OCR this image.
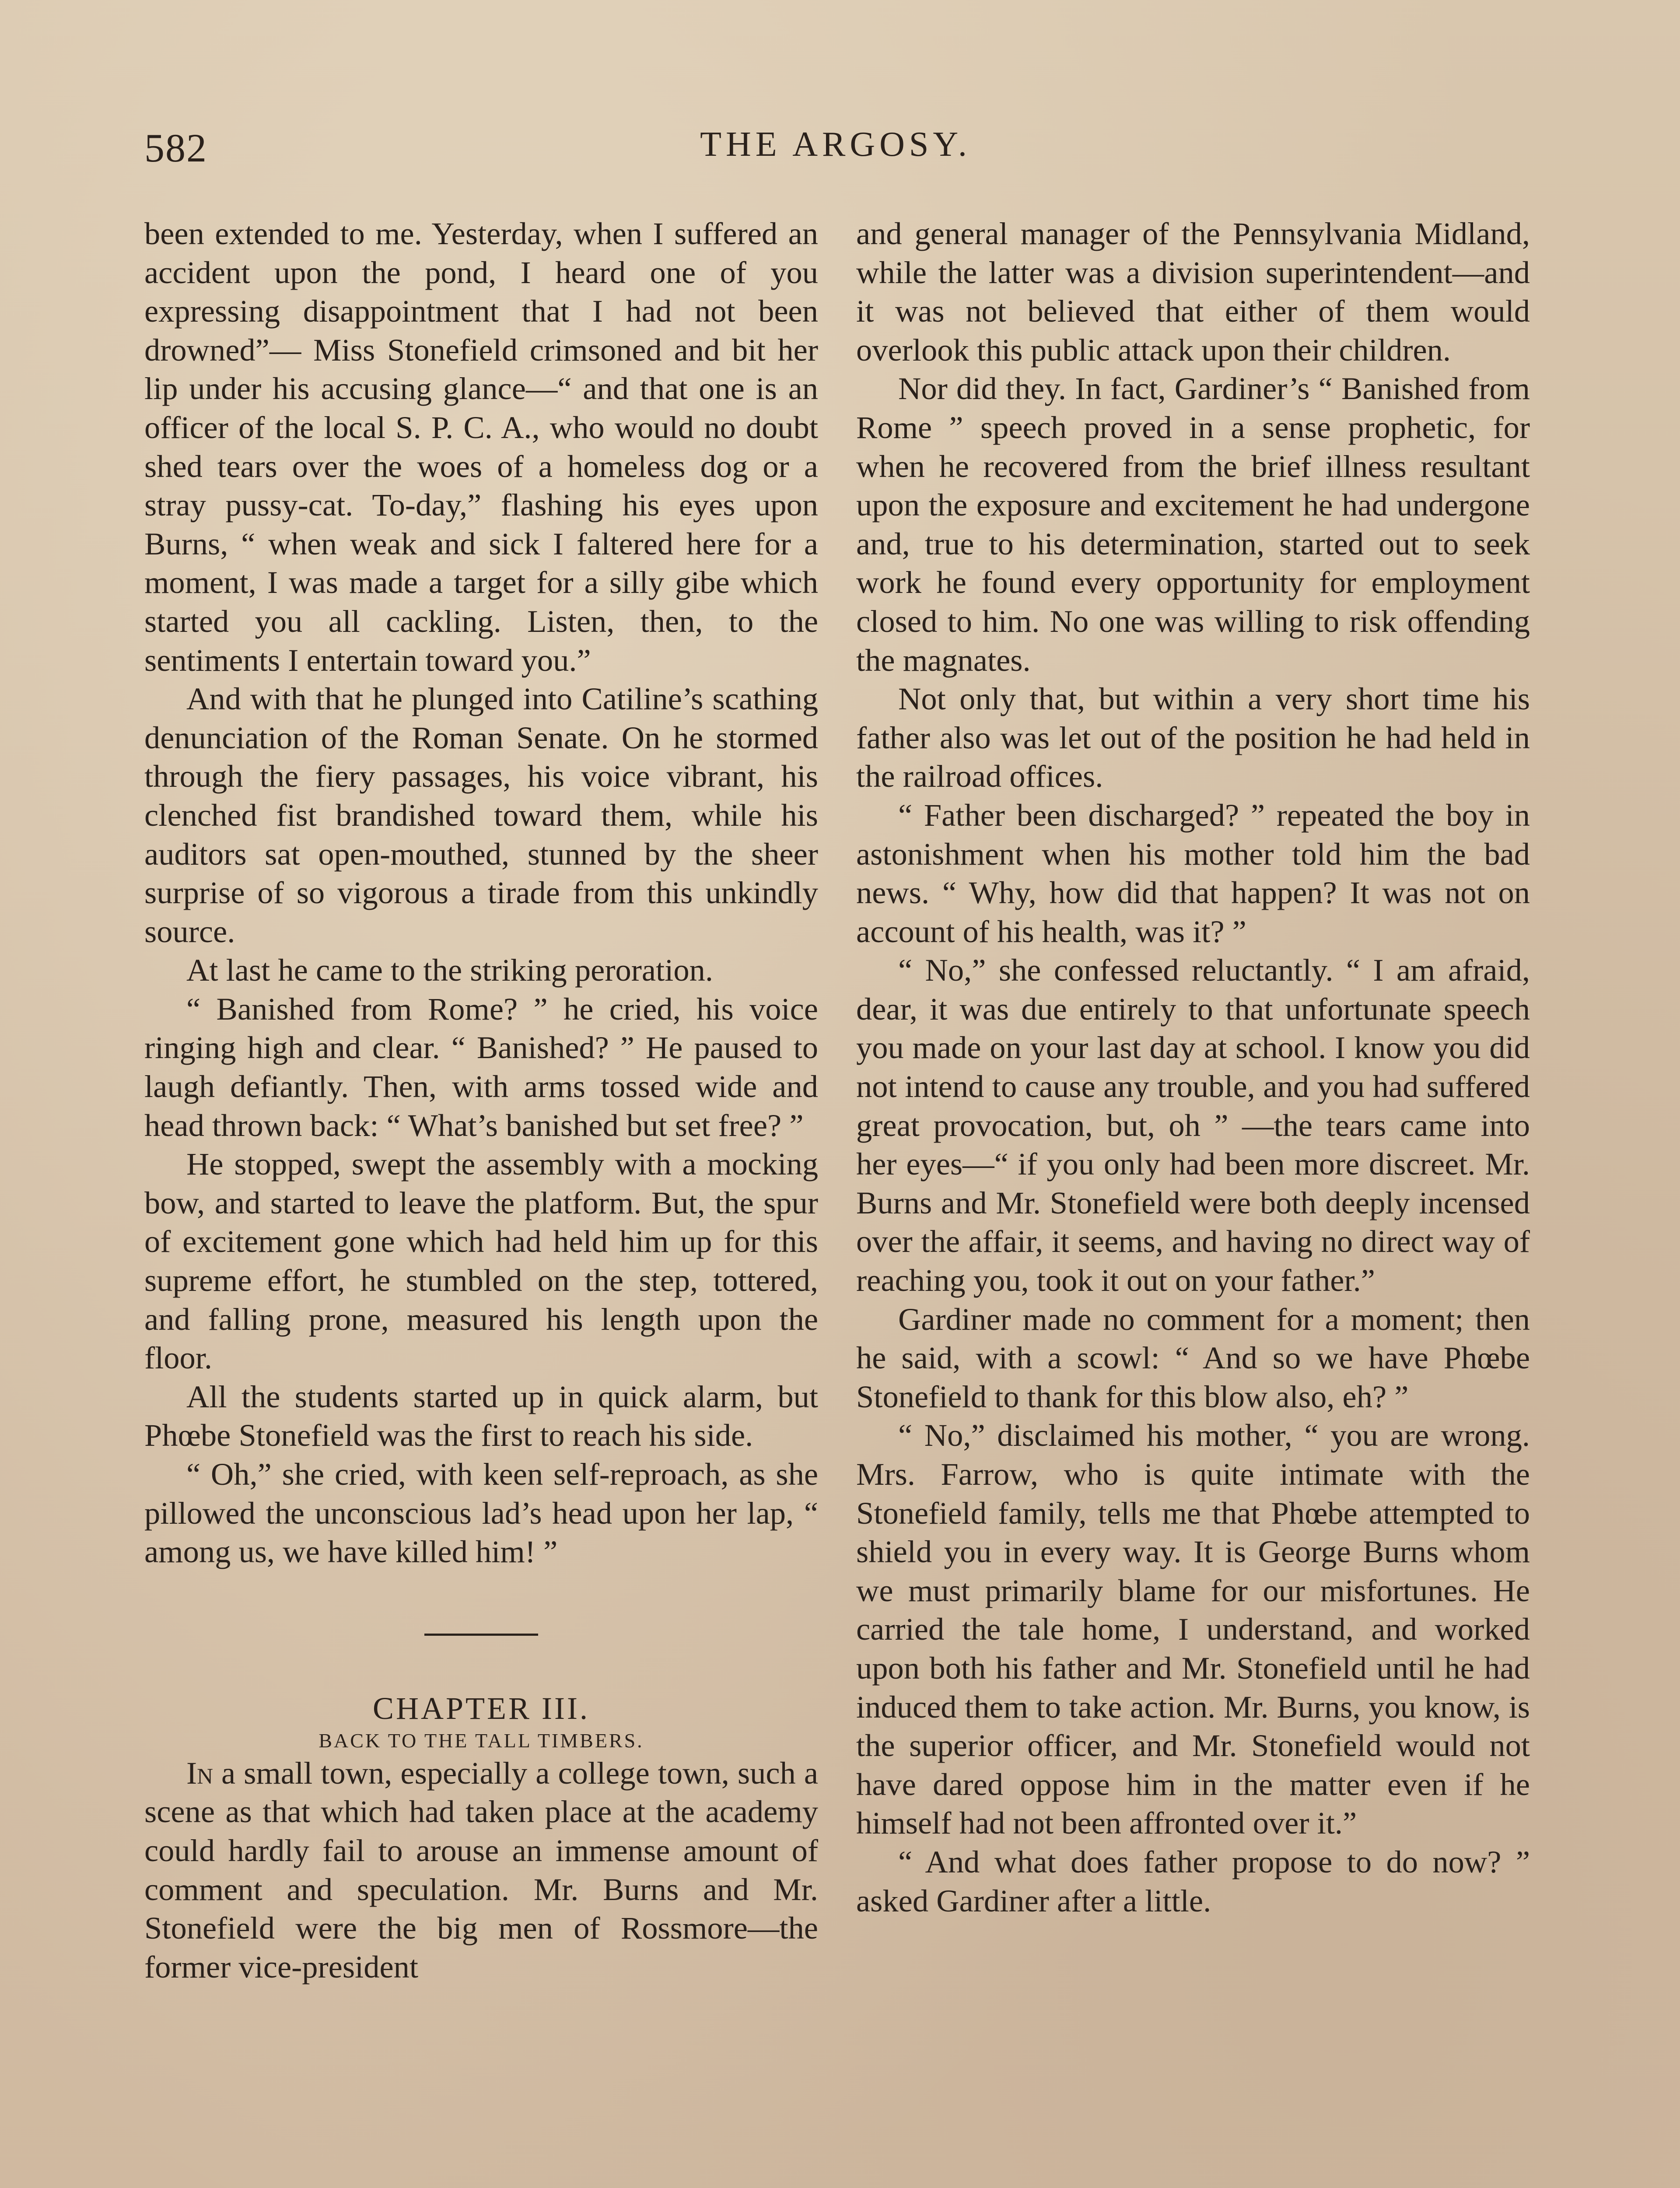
582	THE ARGOSY.

been extended to me. Yesterday, when I suffered an accident upon the pond, I heard one of you expressing disappointment that I had not been drowned”— Miss Stonefield crimsoned and bit her lip under his accusing glance—“ and that one is an officer of the local S. P. C. A., who would no doubt shed tears over the woes of a homeless dog or a stray pussy-cat. To-day,” flashing his eyes upon Burns, “ when weak and sick I faltered here for a moment, I was made a target for a silly gibe which started you all cackling. Listen, then, to the sentiments I entertain toward you.”

And with that he plunged into Catiline’s scathing denunciation of the Roman Senate. On he stormed through the fiery passages, his voice vibrant, his clenched fist brandished toward them, while his auditors sat open-mouthed, stunned by the sheer surprise of so vigorous a tirade from this unkindly source.

At last he came to the striking peroration.

“ Banished from Rome? ” he cried, his voice ringing high and clear. “ Banished? ” He paused to laugh defiantly. Then, with arms tossed wide and head thrown back: “ What’s banished but set free? ”

He stopped, swept the assembly with a mocking bow, and started to leave the platform. But, the spur of excitement gone which had held him up for this supreme effort, he stumbled on the step, tottered, and falling prone, measured his length upon the floor.

All the students started up in quick alarm, but Phœbe Stonefield was the first to reach his side.

“ Oh,” she cried, with keen self-reproach, as she pillowed the unconscious lad’s head upon her lap, “ among us, we have killed him! ”

CHAPTER III.

BACK TO THE TALL TIMBERS.

In a small town, especially a college town, such a scene as that which had taken place at the academy could hardly fail to arouse an immense amount of comment and speculation. Mr. Burns and Mr. Stonefield were the big men of Rossmore—the former vice-president

and general manager of the Pennsylvania Midland, while the latter was a division superintendent—and it was not believed that either of them would overlook this public attack upon their children.

Nor did they. In fact, Gardiner’s “ Banished from Rome ” speech proved in a sense prophetic, for when he recovered from the brief illness resultant upon the exposure and excitement he had undergone and, true to his determination, started out to seek work he found every opportunity for employment closed to him. No one was willing to risk offending the magnates.

Not only that, but within a very short time his father also was let out of the position he had held in the railroad offices.

“ Father been discharged? ” repeated the boy in astonishment when his mother told him the bad news. “ Why, how did that happen? It was not on account of his health, was it? ”

“ No,” she confessed reluctantly. “ I am afraid, dear, it was due entirely to that unfortunate speech you made on your last day at school. I know you did not intend to cause any trouble, and you had suffered great provocation, but, oh ” —the tears came into her eyes—“ if you only had been more discreet. Mr. Burns and Mr. Stonefield were both deeply incensed over the affair, it seems, and having no direct way of reaching you, took it out on your father.”

Gardiner made no comment for a moment; then he said, with a scowl: “ And so we have Phœbe Stonefield to thank for this blow also, eh? ”

“ No,” disclaimed his mother, “ you are wrong. Mrs. Farrow, who is quite intimate with the Stonefield family, tells me that Phœbe attempted to shield you in every way. It is George Burns whom we must primarily blame for our misfortunes. He carried the tale home, I understand, and worked upon both his father and Mr. Stonefield until he had induced them to take action. Mr. Burns, you know, is the superior officer, and Mr. Stonefield would not have dared oppose him in the matter even if he himself had not been affronted over it.”

“ And what does father propose to do now? ” asked Gardiner after a little.
